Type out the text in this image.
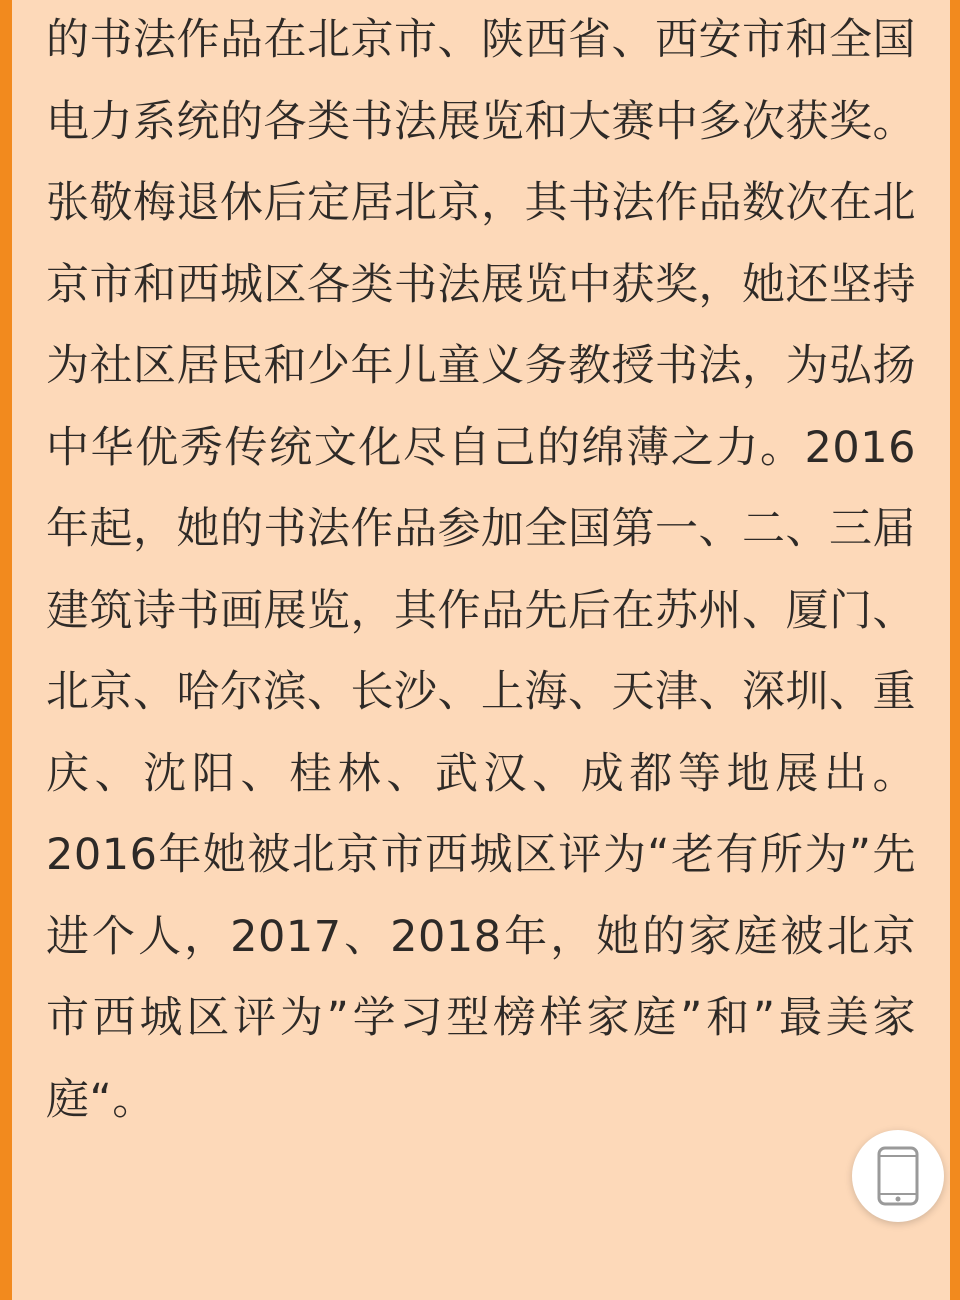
的书法作品在北京市、陕西省、西安市和全国电力系统的各类书法展览和大赛中多次获奖。

张敬梅退休后定居北京，其书法作品数次在北京市和西城区各类书法展览中获奖，她还坚持为社区居民和少年儿童义务教授书法，为弘扬中华优秀传统文化尽自己的绵薄之力。2016年起，她的书法作品参加全国第一、二、三届建筑诗书画展览，其作品先后在苏州、厦门、北京、哈尔滨、长沙、上海、天津、深圳、重庆、沈阳、桂林、武汉、成都等地展出。2016年她被北京市西城区评为“老有所为”先进个人，2017、2018年，她的家庭被北京市西城区评为”学习型榜样家庭”和”最美家庭“。
